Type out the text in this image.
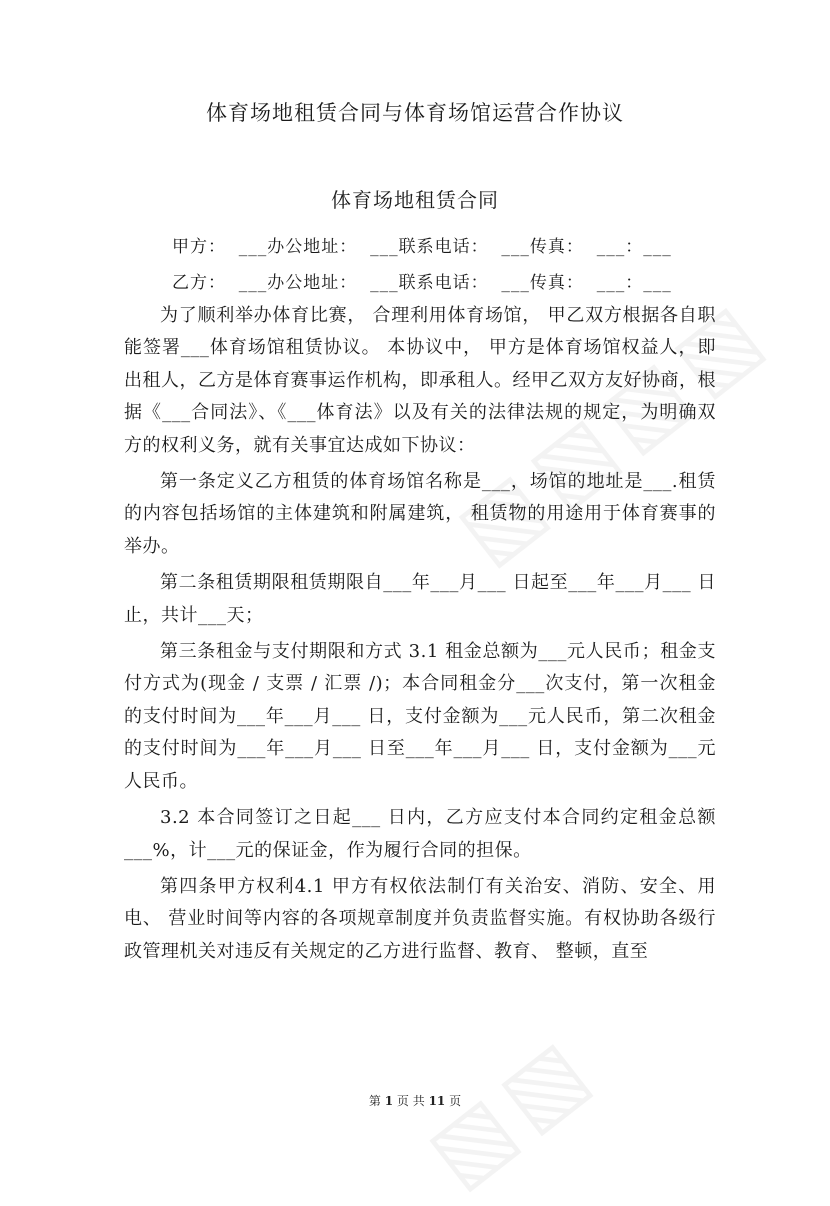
体育场地租赁合同与体育场馆运营合作协议
体育场地租赁合同
甲方：  ___办公地址：  ___联系电话：  ___传真：  ___：___
乙方：  ___办公地址：  ___联系电话：  ___传真：  ___：___

为了顺利举办体育比赛， 合理利用体育场馆， 甲乙双方根据各自职能签署___体育场馆租赁协议。 本协议中， 甲方是体育场馆权益人，即出租人，乙方是体育赛事运作机构，即承租人。经甲乙双方友好协商，根据《___合同法》、《___体育法》以及有关的法律法规的规定，为明确双方的权利义务，就有关事宜达成如下协议：

第一条定义乙方租赁的体育场馆名称是___，场馆的地址是___.租赁的内容包括场馆的主体建筑和附属建筑， 租赁物的用途用于体育赛事的举办。

第二条租赁期限租赁期限自___年___月___ 日起至___年___月___ 日止，共计___天；

第三条租金与支付期限和方式 3.1 租金总额为___元人民币；租金支付方式为(现金 / 支票 / 汇票 /)；本合同租金分___次支付，第一次租金的支付时间为___年___月___ 日，支付金额为___元人民币，第二次租金的支付时间为___年___月___ 日至___年___月___ 日，支付金额为___元人民币。

3.2 本合同签订之日起___ 日内，乙方应支付本合同约定租金总额___%，计___元的保证金，作为履行合同的担保。

第四条甲方权利4.1 甲方有权依法制仃有关治安、消防、安全、用电、 营业时间等内容的各项规章制度并负责监督实施。有权协助各级行政管理机关对违反有关规定的乙方进行监督、教育、 整顿，直至

第 1 页 共 11 页
